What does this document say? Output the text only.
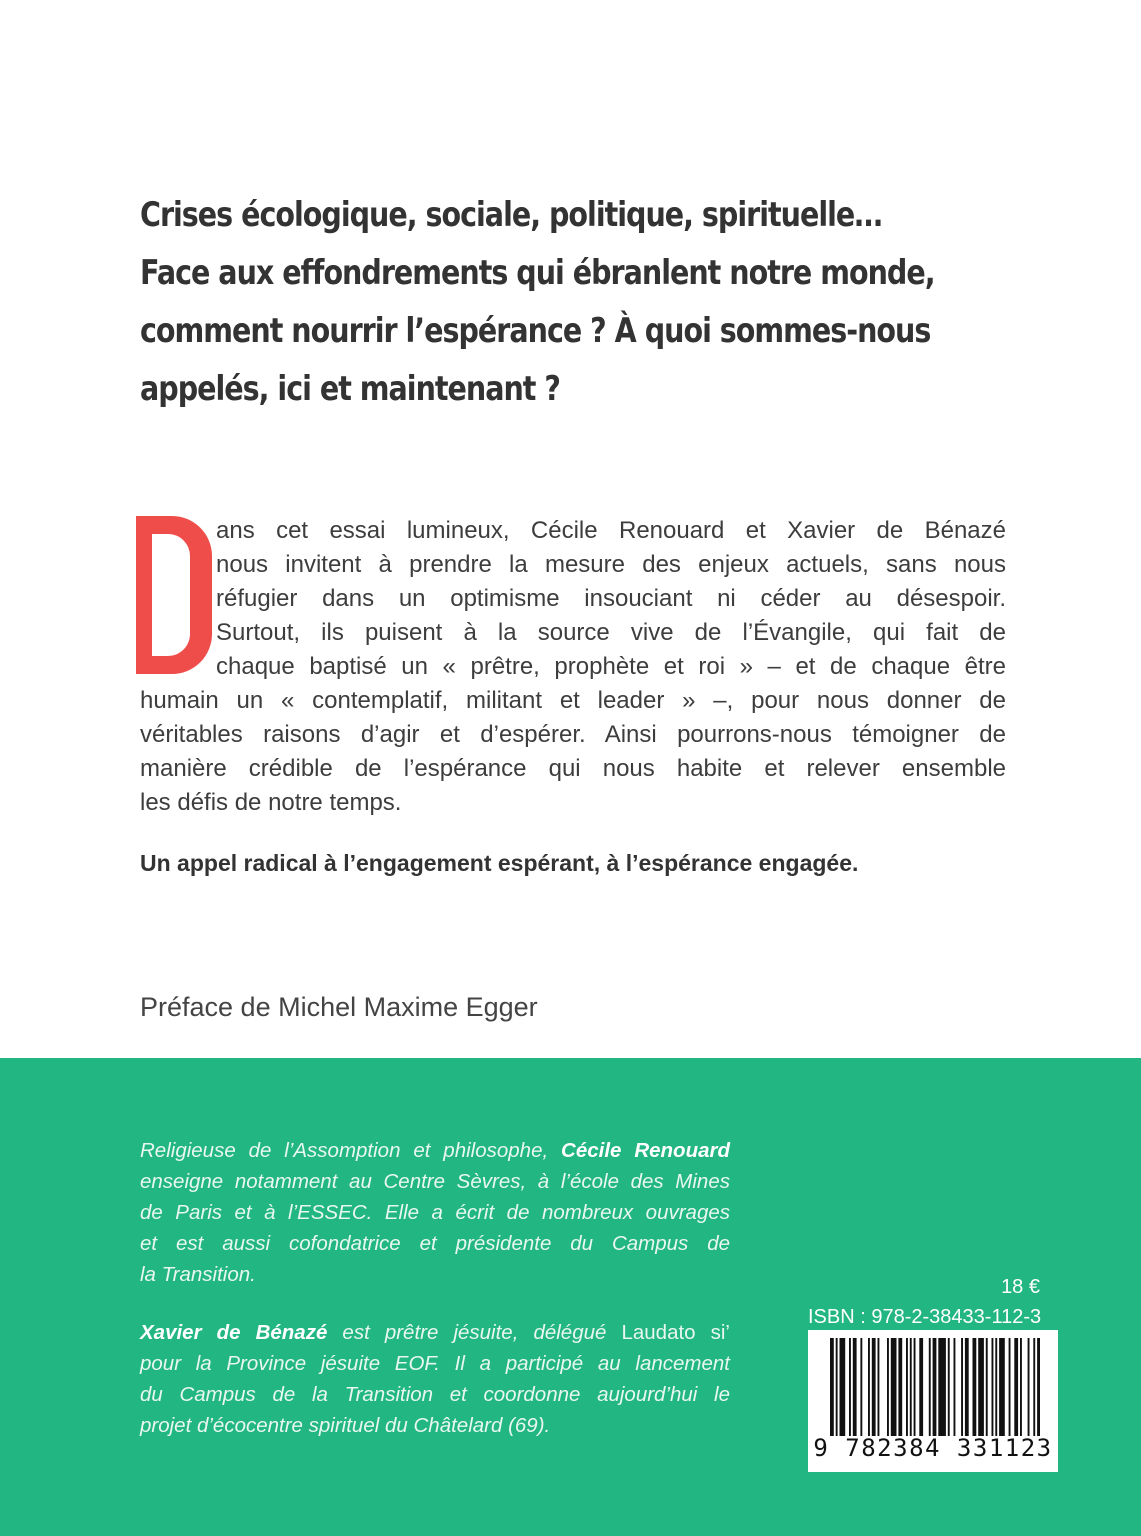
Crises écologique, sociale, politique, spirituelle…
Face aux effondrements qui ébranlent notre monde,
comment nourrir l’espérance ? À quoi sommes-nous
appelés, ici et maintenant ?
ans cet essai lumineux, Cécile Renouard et Xavier de Bénazé
nous invitent à prendre la mesure des enjeux actuels, sans nous
réfugier dans un optimisme insouciant ni céder au désespoir.
Surtout, ils puisent à la source vive de l’Évangile, qui fait de
chaque baptisé un « prêtre, prophète et roi » – et de chaque être
humain un « contemplatif, militant et leader » –, pour nous donner de
véritables raisons d’agir et d’espérer. Ainsi pourrons-nous témoigner de
manière crédible de l’espérance qui nous habite et relever ensemble
les défis de notre temps.
Un appel radical à l’engagement espérant, à l’espérance engagée.
Préface de Michel Maxime Egger
Religieuse de l’Assomption et philosophe, Cécile Renouard
enseigne notamment au Centre Sèvres, à l’école des Mines
de Paris et à l’ESSEC. Elle a écrit de nombreux ouvrages
et est aussi cofondatrice et présidente du Campus de
la Transition.
Xavier de Bénazé est prêtre jésuite, délégué Laudato si’
pour la Province jésuite EOF. Il a participé au lancement
du Campus de la Transition et coordonne aujourd’hui le
projet d’écocentre spirituel du Châtelard (69).
18 €
ISBN : 978-2-38433-112-3
9 782384 331123
